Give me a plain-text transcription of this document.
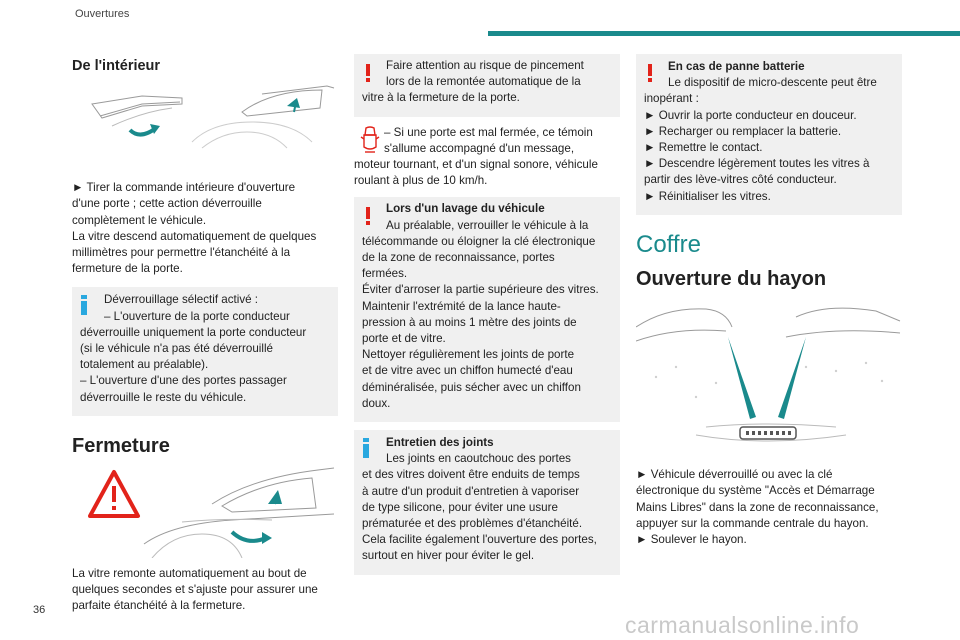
Ouvertures
De l'intérieur

► Tirer la commande intérieure d'ouverture

d'une porte ; cette action déverrouille

complètement le véhicule.

La vitre descend automatiquement de quelques

millimètres pour permettre l'étanchéité à la

fermeture de la porte.

Déverrouillage sélectif activé :

– L'ouverture de la porte conducteur

déverrouille uniquement la porte conducteur

(si le véhicule n'a pas été déverrouillé

totalement au préalable).

– L'ouverture d'une des portes passager

déverrouille le reste du véhicule.

Fermeture

La vitre remonte automatiquement au bout de

quelques secondes et s'ajuste pour assurer une

parfaite étanchéité à la fermeture.

Faire attention au risque de pincement

lors de la remontée automatique de la

vitre à la fermeture de la porte.

– Si une porte est mal fermée, ce témoin

s'allume accompagné d'un message,

moteur tournant, et d'un signal sonore, véhicule

roulant à plus de 10 km/h.

Lors d'un lavage du véhicule

Au préalable, verrouiller le véhicule à la

télécommande ou éloigner la clé électronique

de la zone de reconnaissance, portes

fermées.

Éviter d'arroser la partie supérieure des vitres.

Maintenir l'extrémité de la lance haute-

pression à au moins 1 mètre des joints de

porte et de vitre.

Nettoyer régulièrement les joints de porte

et de vitre avec un chiffon humecté d'eau

déminéralisée, puis sécher avec un chiffon

doux.

Entretien des joints

Les joints en caoutchouc des portes

et des vitres doivent être enduits de temps

à autre d'un produit d'entretien à vaporiser

de type silicone, pour éviter une usure

prématurée et des problèmes d'étanchéité.

Cela facilite également l'ouverture des portes,

surtout en hiver pour éviter le gel.

En cas de panne batterie

Le dispositif de micro-descente peut être

inopérant :

► Ouvrir la porte conducteur en douceur.

► Recharger ou remplacer la batterie.

► Remettre le contact.

► Descendre légèrement toutes les vitres à

partir des lève-vitres côté conducteur.

► Réinitialiser les vitres.

Coffre
Ouverture du hayon

► Véhicule déverrouillé ou avec la clé

électronique du système "Accès et Démarrage

Mains Libres" dans la zone de reconnaissance,

appuyer sur la commande centrale du hayon.

► Soulever le hayon.

36
carmanualsonline.info
